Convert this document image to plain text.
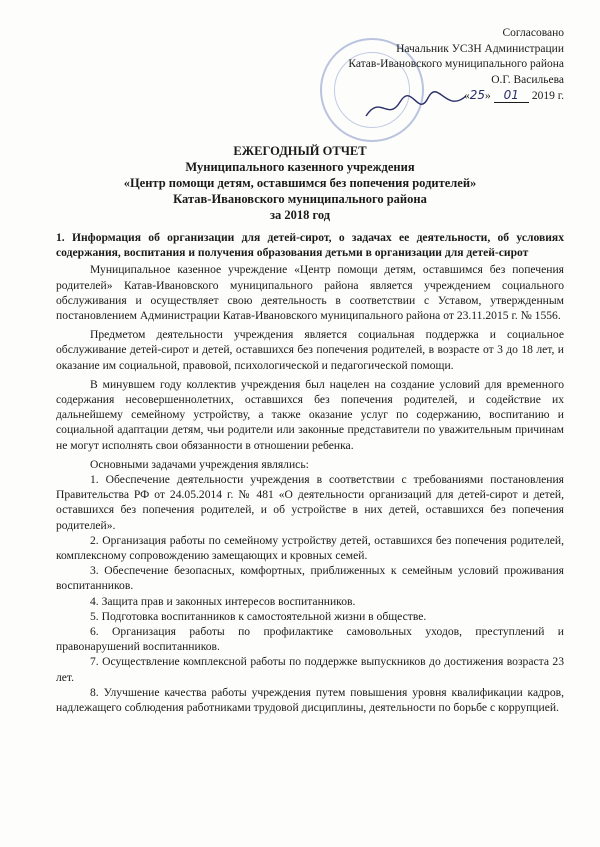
Согласовано
Начальник УСЗН Администрации
Катав-Ивановского муниципального района
О.Г. Васильева
«25» 01 2019 г.
ЕЖЕГОДНЫЙ ОТЧЕТ
Муниципального казенного учреждения
«Центр помощи детям, оставшимся без попечения родителей»
Катав-Ивановского муниципального района
за 2018 год

1. Информация об организации для детей-сирот, о задачах ее деятельности, об условиях содержания, воспитания и получения образования детьми в организации для детей-сирот

Муниципальное казенное учреждение «Центр помощи детям, оставшимся без попечения родителей» Катав-Ивановского муниципального района является учреждением социального обслуживания и осуществляет свою деятельность в соответствии с Уставом, утвержденным постановлением Администрации Катав-Ивановского муниципального района от 23.11.2015 г. № 1556.

Предметом деятельности учреждения является социальная поддержка и социальное обслуживание детей-сирот и детей, оставшихся без попечения родителей, в возрасте от 3 до 18 лет, и оказание им социальной, правовой, психологической и педагогической помощи.

В минувшем году коллектив учреждения был нацелен на создание условий для временного содержания несовершеннолетних, оставшихся без попечения родителей, и содействие их дальнейшему семейному устройству, а также оказание услуг по содержанию, воспитанию и социальной адаптации детям, чьи родители или законные представители по уважительным причинам не могут исполнять свои обязанности в отношении ребенка.

Основными задачами учреждения являлись:

1. Обеспечение деятельности учреждения в соответствии с требованиями постановления Правительства РФ от 24.05.2014 г. № 481 «О деятельности организаций для детей-сирот и детей, оставшихся без попечения родителей, и об устройстве в них детей, оставшихся без попечения родителей».

2. Организация работы по семейному устройству детей, оставшихся без попечения родителей, комплексному сопровождению замещающих и кровных семей.

3. Обеспечение безопасных, комфортных, приближенных к семейным условий проживания воспитанников.

4. Защита прав и законных интересов воспитанников.

5. Подготовка воспитанников к самостоятельной жизни в обществе.

6. Организация работы по профилактике самовольных уходов, преступлений и правонарушений воспитанников.

7. Осуществление комплексной работы по поддержке выпускников до достижения возраста 23 лет.

8. Улучшение качества работы учреждения путем повышения уровня квалификации кадров, надлежащего соблюдения работниками трудовой дисциплины, деятельности по борьбе с коррупцией.
